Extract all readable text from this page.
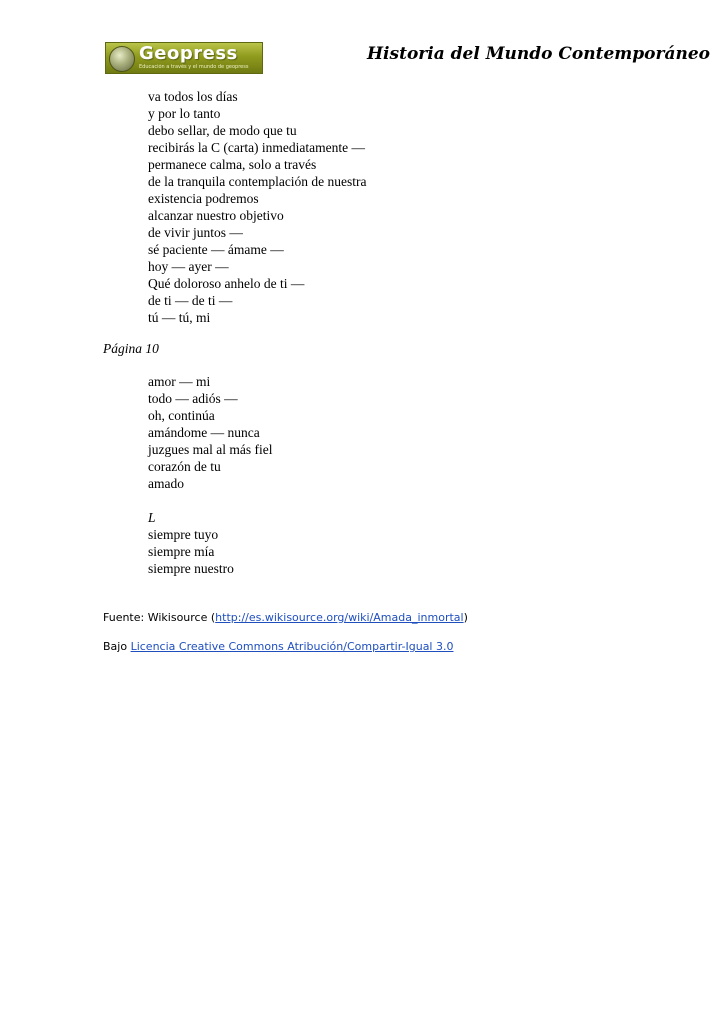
Geopress
Educación a través y el mundo de geopress
Historia del Mundo Contemporáneo
va todos los días
y por lo tanto
debo sellar, de modo que tu
recibirás la C (carta) inmediatamente —
permanece calma, solo a través
de la tranquila contemplación de nuestra
existencia podremos
alcanzar nuestro objetivo
de vivir juntos —
sé paciente — ámame —
hoy — ayer —
Qué doloroso anhelo de ti —
de ti — de ti —
tú — tú, mi
Página 10
amor — mi
todo — adiós —
oh, continúa
amándome — nunca
juzgues mal al más fiel
corazón de tu
amado
L
siempre tuyo
siempre mía
siempre nuestro
Fuente: Wikisource (http://es.wikisource.org/wiki/Amada_inmortal)
Bajo Licencia Creative Commons Atribución/Compartir-Igual 3.0
